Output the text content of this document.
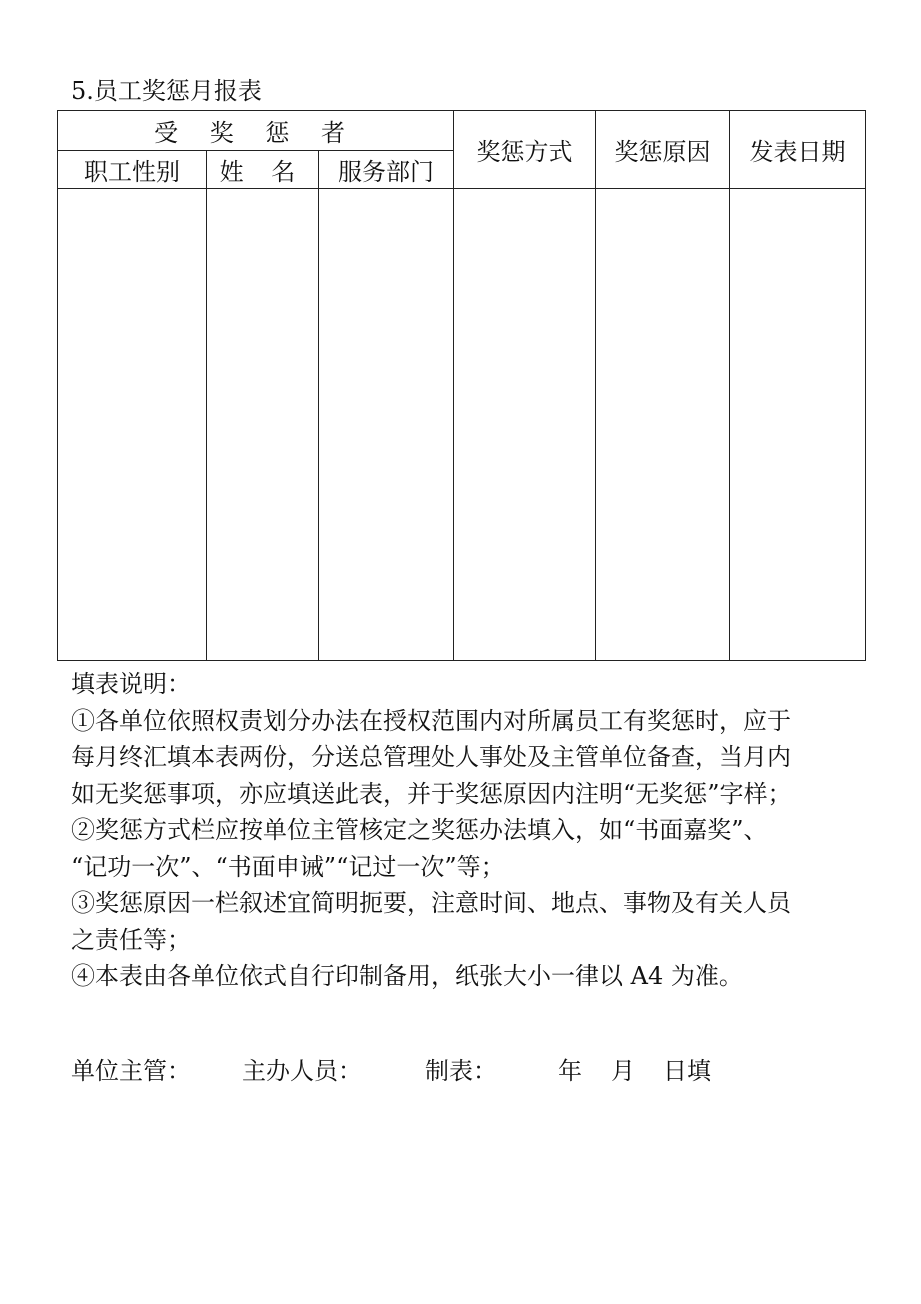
5.员工奖惩月报表
受 奖 惩 者			奖惩方式	奖惩原因	发表日期
职工性别	姓 名	服务部门			

填表说明：
①各单位依照权责划分办法在授权范围内对所属员工有奖惩时，应于
每月终汇填本表两份，分送总管理处人事处及主管单位备查，当月内
如无奖惩事项，亦应填送此表，并于奖惩原因内注明“无奖惩”字样；
②奖惩方式栏应按单位主管核定之奖惩办法填入，如“书面嘉奖”、
“记功一次”、“书面申诫”“记过一次”等；
③奖惩原因一栏叙述宜简明扼要，注意时间、地点、事物及有关人员
之责任等；
④本表由各单位依式自行印制备用，纸张大小一律以 A4 为准。
单位主管： 主办人员：	制表：	年 月 日填
